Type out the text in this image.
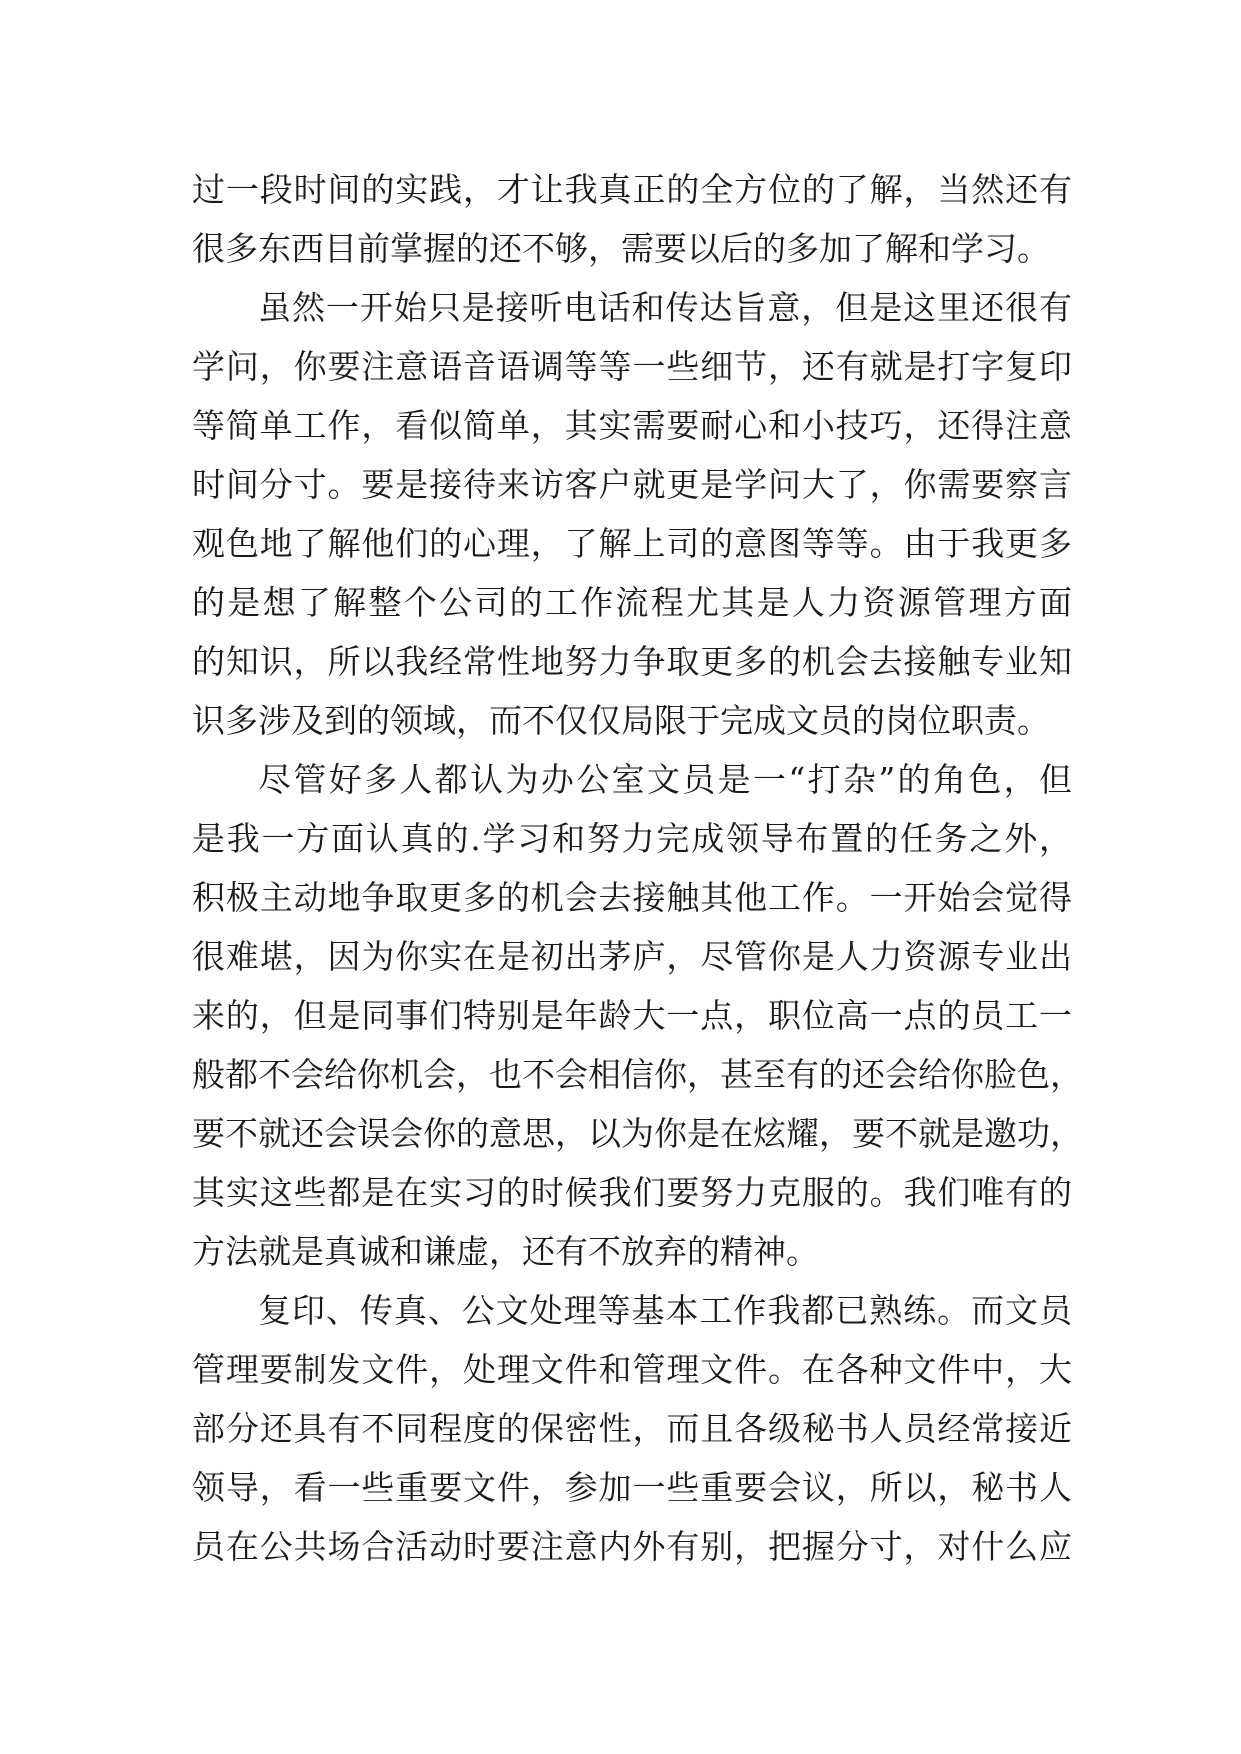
过一段时间的实践，才让我真正的全方位的了解，当然还有
很多东西目前掌握的还不够，需要以后的多加了解和学习。
虽然一开始只是接听电话和传达旨意，但是这里还很有
学问，你要注意语音语调等等一些细节，还有就是打字复印
等简单工作，看似简单，其实需要耐心和小技巧，还得注意
时间分寸。要是接待来访客户就更是学问大了，你需要察言
观色地了解他们的心理，了解上司的意图等等。由于我更多
的是想了解整个公司的工作流程尤其是人力资源管理方面
的知识，所以我经常性地努力争取更多的机会去接触专业知
识多涉及到的领域，而不仅仅局限于完成文员的岗位职责。
尽管好多人都认为办公室文员是一“打杂”的角色，但
是我一方面认真的.学习和努力完成领导布置的任务之外，
积极主动地争取更多的机会去接触其他工作。一开始会觉得
很难堪，因为你实在是初出茅庐，尽管你是人力资源专业出
来的，但是同事们特别是年龄大一点，职位高一点的员工一
般都不会给你机会，也不会相信你，甚至有的还会给你脸色，
要不就还会误会你的意思，以为你是在炫耀，要不就是邀功，
其实这些都是在实习的时候我们要努力克服的。我们唯有的
方法就是真诚和谦虚，还有不放弃的精神。
复印、传真、公文处理等基本工作我都已熟练。而文员
管理要制发文件，处理文件和管理文件。在各种文件中，大
部分还具有不同程度的保密性，而且各级秘书人员经常接近
领导，看一些重要文件，参加一些重要会议，所以，秘书人
员在公共场合活动时要注意内外有别，把握分寸，对什么应
